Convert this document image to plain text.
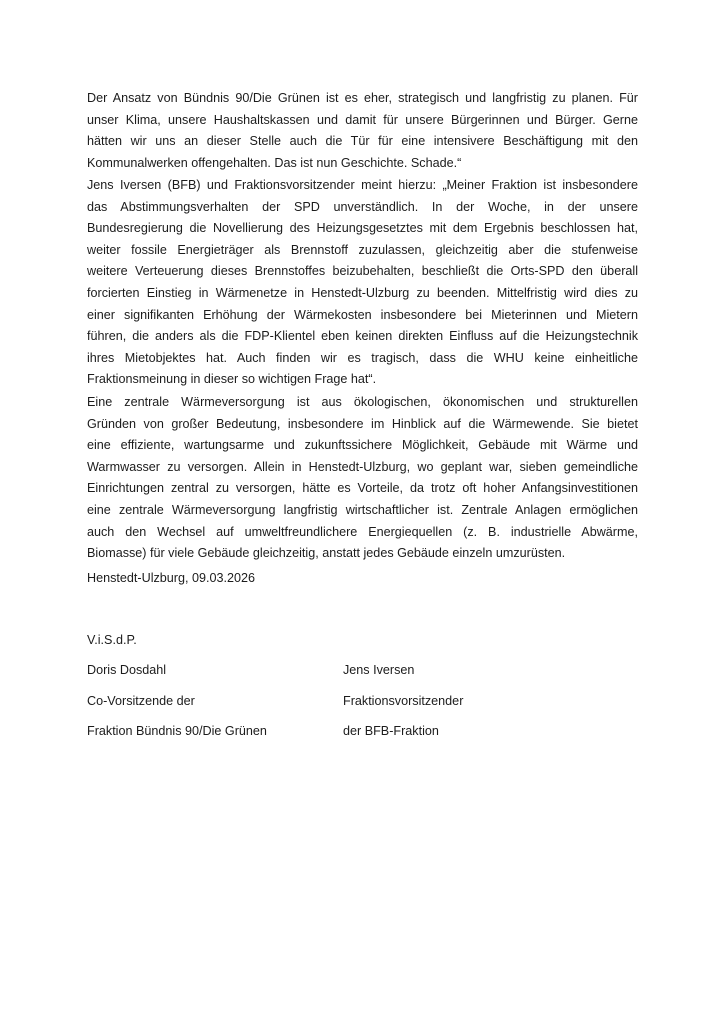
Der Ansatz von Bündnis 90/Die Grünen ist es eher, strategisch und langfristig zu planen. Für
unser Klima, unsere Haushaltskassen und damit für unsere Bürgerinnen und Bürger. Gerne
hätten wir uns an dieser Stelle auch die Tür für eine intensivere Beschäftigung mit den
Kommunalwerken offengehalten. Das ist nun Geschichte. Schade.“
Jens Iversen (BFB) und Fraktionsvorsitzender meint hierzu: „Meiner Fraktion ist insbesondere
das Abstimmungsverhalten der SPD unverständlich. In der Woche, in der unsere
Bundesregierung die Novellierung des Heizungsgesetztes mit dem Ergebnis beschlossen hat,
weiter fossile Energieträger als Brennstoff zuzulassen, gleichzeitig aber die stufenweise
weitere Verteuerung dieses Brennstoffes beizubehalten, beschließt die Orts-SPD den überall
forcierten Einstieg in Wärmenetze in Henstedt-Ulzburg zu beenden. Mittelfristig wird dies zu
einer signifikanten Erhöhung der Wärmekosten insbesondere bei Mieterinnen und Mietern
führen, die anders als die FDP-Klientel eben keinen direkten Einfluss auf die Heizungstechnik
ihres Mietobjektes hat. Auch finden wir es tragisch, dass die WHU keine einheitliche
Fraktionsmeinung in dieser so wichtigen Frage hat“.
Eine zentrale Wärmeversorgung ist aus ökologischen, ökonomischen und strukturellen
Gründen von großer Bedeutung, insbesondere im Hinblick auf die Wärmewende. Sie bietet
eine effiziente, wartungsarme und zukunftssichere Möglichkeit, Gebäude mit Wärme und
Warmwasser zu versorgen. Allein in Henstedt-Ulzburg, wo geplant war, sieben gemeindliche
Einrichtungen zentral zu versorgen, hätte es Vorteile, da trotz oft hoher Anfangsinvestitionen
eine zentrale Wärmeversorgung langfristig wirtschaftlicher ist. Zentrale Anlagen ermöglichen
auch den Wechsel auf umweltfreundlichere Energiequellen (z. B. industrielle Abwärme,
Biomasse) für viele Gebäude gleichzeitig, anstatt jedes Gebäude einzeln umzurüsten.
Henstedt-Ulzburg, 09.03.2026
V.i.S.d.P.
Doris Dosdahl
Co-Vorsitzende der
Fraktion Bündnis 90/Die Grünen
Jens Iversen
Fraktionsvorsitzender
der BFB-Fraktion
